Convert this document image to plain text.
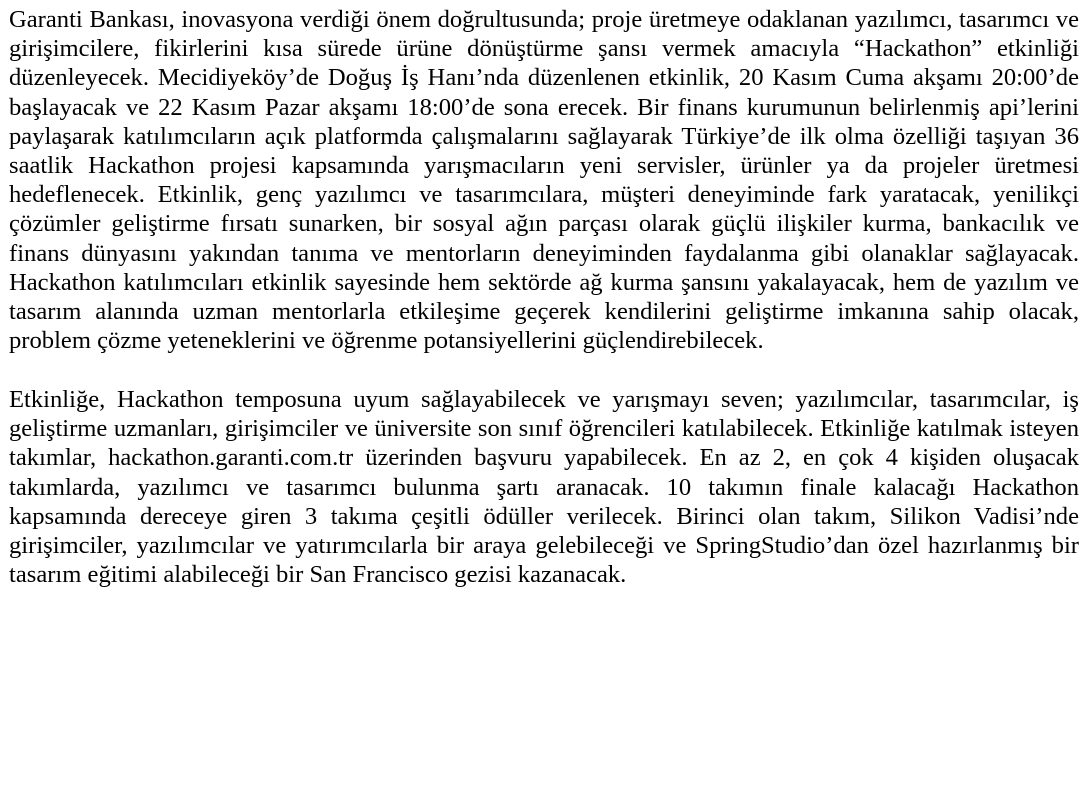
Garanti Bankası, inovasyona verdiği önem doğrultusunda; proje üretmeye odaklanan yazılımcı, tasarımcı ve girişimcilere, fikirlerini kısa sürede ürüne dönüştürme şansı vermek amacıyla “Hackathon” etkinliği düzenleyecek. Mecidiyeköy’de Doğuş İş Hanı’nda düzenlenen etkinlik, 20 Kasım Cuma akşamı 20:00’de başlayacak ve 22 Kasım Pazar akşamı 18:00’de sona erecek. Bir finans kurumunun belirlenmiş api’lerini paylaşarak katılımcıların açık platformda çalışmalarını sağlayarak Türkiye’de ilk olma özelliği taşıyan 36 saatlik Hackathon projesi kapsamında yarışmacıların yeni servisler, ürünler ya da projeler üretmesi hedeflenecek. Etkinlik, genç yazılımcı ve tasarımcılara, müşteri deneyiminde fark yaratacak, yenilikçi çözümler geliştirme fırsatı sunarken, bir sosyal ağın parçası olarak güçlü ilişkiler kurma, bankacılık ve finans dünyasını yakından tanıma ve mentorların deneyiminden faydalanma gibi olanaklar sağlayacak. Hackathon katılımcıları etkinlik sayesinde hem sektörde ağ kurma şansını yakalayacak, hem de yazılım ve tasarım alanında uzman mentorlarla etkileşime geçerek kendilerini geliştirme imkanına sahip olacak, problem çözme yeteneklerini ve öğrenme potansiyellerini güçlendirebilecek.

Etkinliğe, Hackathon temposuna uyum sağlayabilecek ve yarışmayı seven; yazılımcılar, tasarımcılar, iş geliştirme uzmanları, girişimciler ve üniversite son sınıf öğrencileri katılabilecek. Etkinliğe katılmak isteyen takımlar, hackathon.garanti.com.tr üzerinden başvuru yapabilecek. En az 2, en çok 4 kişiden oluşacak takımlarda, yazılımcı ve tasarımcı bulunma şartı aranacak. 10 takımın finale kalacağı Hackathon kapsamında dereceye giren 3 takıma çeşitli ödüller verilecek. Birinci olan takım, Silikon Vadisi’nde girişimciler, yazılımcılar ve yatırımcılarla bir araya gelebileceği ve SpringStudio’dan özel hazırlanmış bir tasarım eğitimi alabileceği bir San Francisco gezisi kazanacak.
